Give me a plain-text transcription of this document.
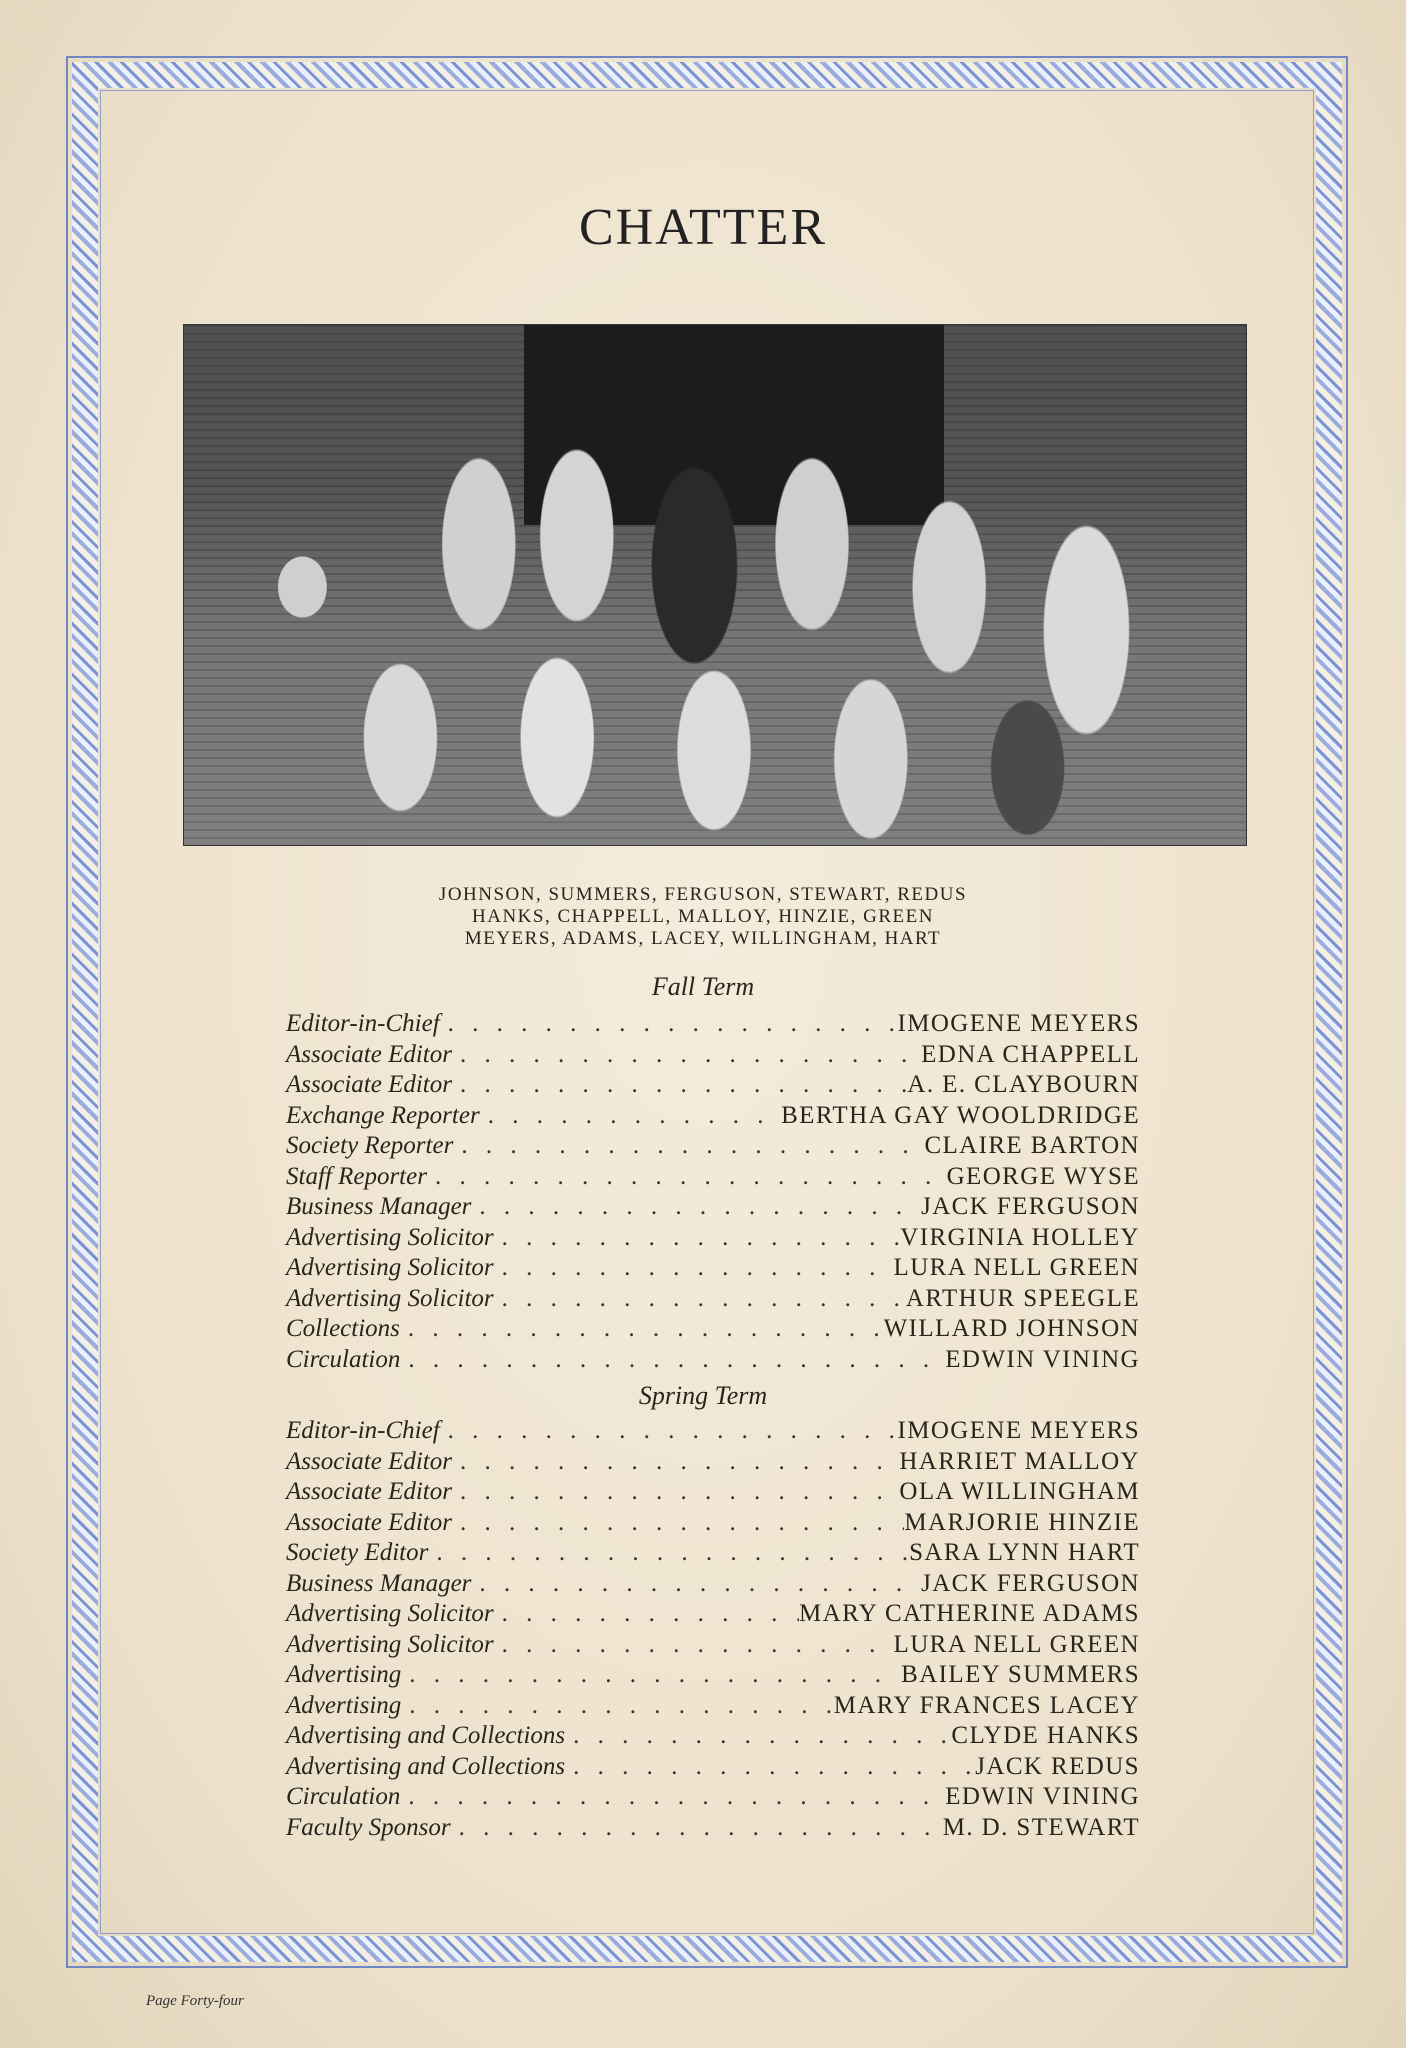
CHATTER
JOHNSON, SUMMERS, FERGUSON, STEWART, REDUS
HANKS, CHAPPELL, MALLOY, HINZIE, GREEN
MEYERS, ADAMS, LACEY, WILLINGHAM, HART
Fall Term
Editor-in-Chief . . .	IMOGENE MEYERS
Associate Editor . . .	EDNA CHAPPELL
Associate Editor . . .	A. E. CLAYBOURN
Exchange Reporter . . .	BERTHA GAY WOOLDRIDGE
Society Reporter . . .	CLAIRE BARTON
Staff Reporter . . .	GEORGE WYSE
Business Manager . . .	JACK FERGUSON
Advertising Solicitor . . .	VIRGINIA HOLLEY
Advertising Solicitor . . .	LURA NELL GREEN
Advertising Solicitor . . .	ARTHUR SPEEGLE
Collections . . .	WILLARD JOHNSON
Circulation . . .	EDWIN VINING
Spring Term
Editor-in-Chief . . .	IMOGENE MEYERS
Associate Editor . . .	HARRIET MALLOY
Associate Editor . . .	OLA WILLINGHAM
Associate Editor . . .	MARJORIE HINZIE
Society Editor . . .	SARA LYNN HART
Business Manager . . .	JACK FERGUSON
Advertising Solicitor . . .	MARY CATHERINE ADAMS
Advertising Solicitor . . .	LURA NELL GREEN
Advertising . . .	BAILEY SUMMERS
Advertising . . .	MARY FRANCES LACEY
Advertising and Collections . . .	CLYDE HANKS
Advertising and Collections . . .	JACK REDUS
Circulation . . .	EDWIN VINING
Faculty Sponsor . . .	M. D. STEWART
Page Forty-four
